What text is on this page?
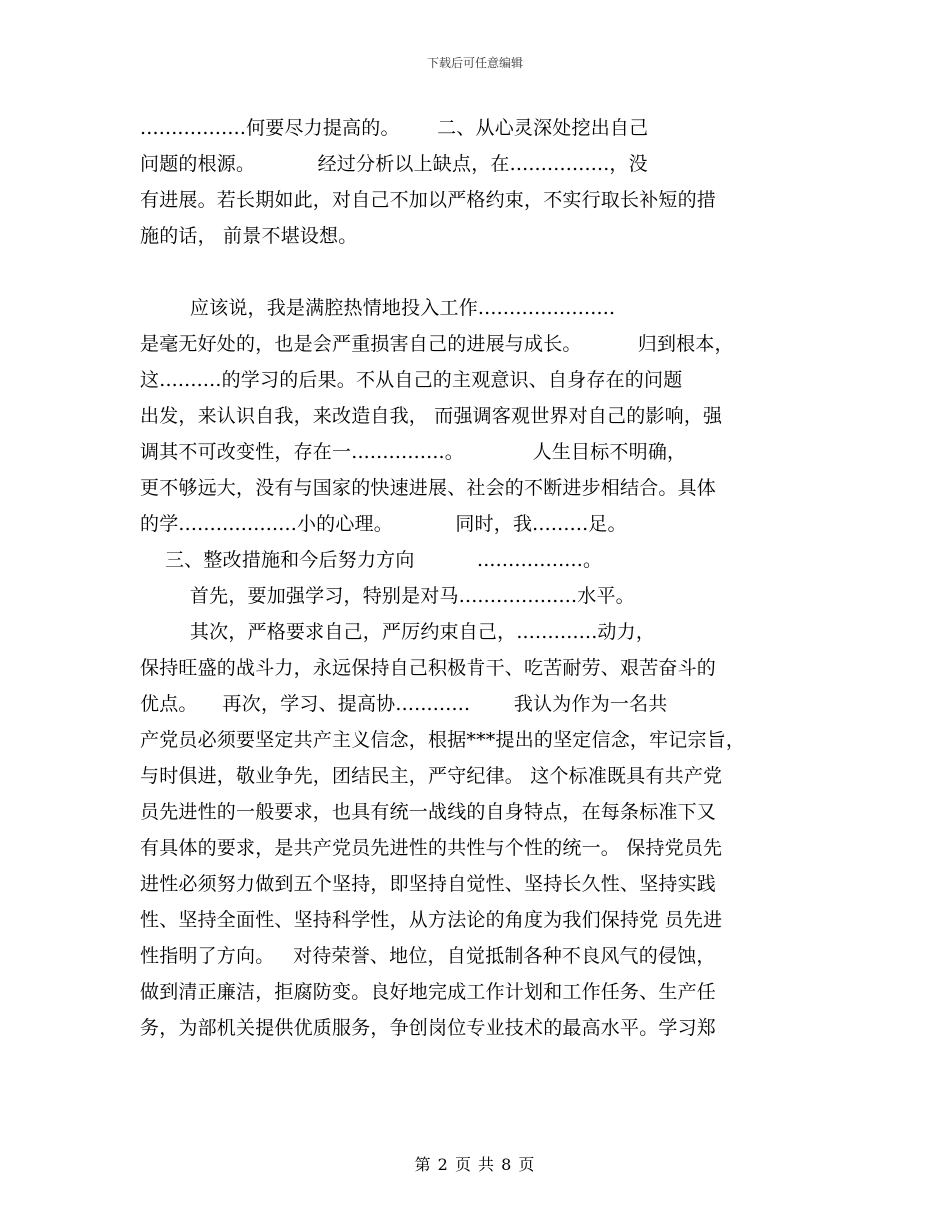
下载后可任意编辑
.................何要尽力提高的。      二、从心灵深处挖出自己
问题的根源。          经过分析以上缺点，在................，没
有进展。若长期如此，对自己不加以严格约束，不实行取长补短的措
施的话， 前景不堪设想。
应该说，我是满腔热情地投入工作......................
是毫无好处的，也是会严重损害自己的进展与成长。         归到根本，
这..........的学习的后果。不从自己的主观意识、自身存在的问题
出发，来认识自我，来改造自我， 而强调客观世界对自己的影响，强
调其不可改变性，存在一...............。           人生目标不明确，
更不够远大，没有与国家的快速进展、社会的不断进步相结合。具体
的学...................小的心理。          同时，我.........足。
三、整改措施和今后努力方向          .................。
首先，要加强学习，特别是对马...................水平。
其次，严格要求自己，严厉约束自己，.............动力，
保持旺盛的战斗力，永远保持自己积极肯干、吃苦耐劳、艰苦奋斗的
优点。    再次，学习、提高协............       我认为作为一名共
产党员必须要坚定共产主义信念，根据***提出的坚定信念，牢记宗旨，
与时俱进，敬业争先，团结民主，严守纪律。 这个标准既具有共产党
员先进性的一般要求，也具有统一战线的自身特点，在每条标准下又
有具体的要求，是共产党员先进性的共性与个性的统一。 保持党员先
进性必须努力做到五个坚持，即坚持自觉性、坚持长久性、坚持实践
性、坚持全面性、坚持科学性，从方法论的角度为我们保持党 员先进
性指明了方向。   对待荣誉、地位，自觉抵制各种不良风气的侵蚀，
做到清正廉洁，拒腐防变。良好地完成工作计划和工作任务、生产任
务，为部机关提供优质服务，争创岗位专业技术的最高水平。学习郑
第 2 页 共 8 页
